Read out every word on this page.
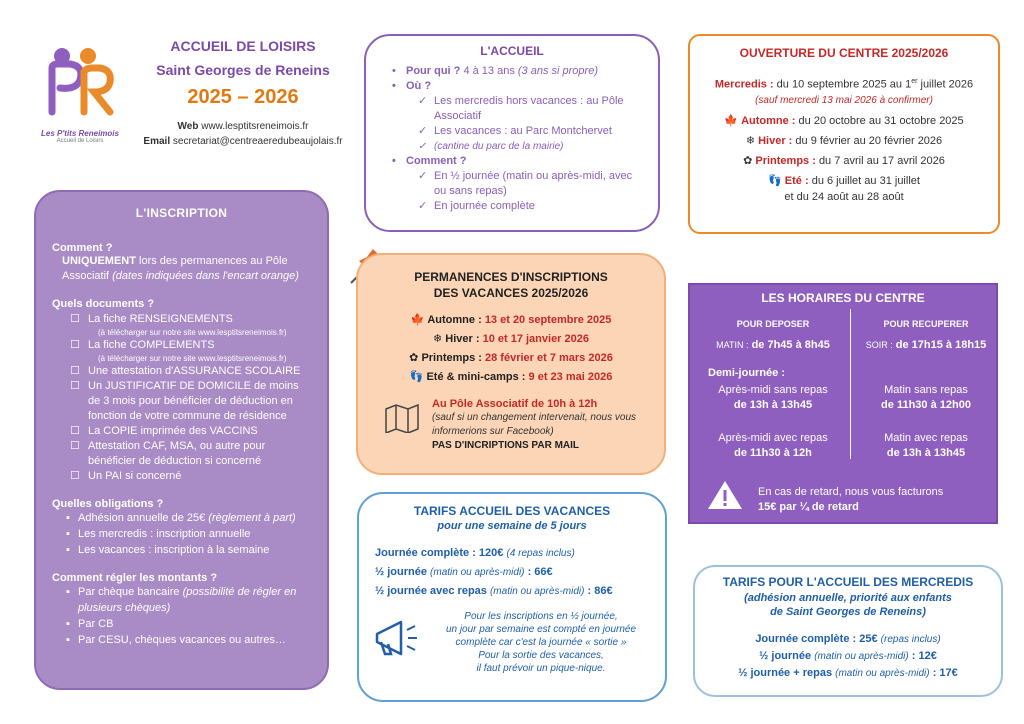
Les P'tits Reneimois
Accueil de Loisirs
ACCUEIL DE LOISIRS
Saint Georges de Reneins
2025 – 2026
Web www.lesptitsreneimois.fr
Email secretariat@centreaeredubeaujolais.fr
L'INSCRIPTION
Comment ?
UNIQUEMENT lors des permanences au Pôle Associatif (dates indiquées dans l'encart orange)
Quels documents ?
☐ La fiche RENSEIGNEMENTS
(à télécharger sur notre site www.lesptitsreneimois.fr)
☐ La fiche COMPLEMENTS
(à télécharger sur notre site www.lesptitsreneimois.fr)
☐ Une attestation d'ASSURANCE SCOLAIRE
☐ Un JUSTIFICATIF DE DOMICILE de moins de 3 mois pour bénéficier de déduction en fonction de votre commune de résidence
☐ La COPIE imprimée des VACCINS
☐ Attestation CAF, MSA, ou autre pour bénéficier de déduction si concerné
☐ Un PAI si concerné
Quelles obligations ?
▪ Adhésion annuelle de 25€ (règlement à part)
▪ Les mercredis : inscription annuelle
▪ Les vacances : inscription à la semaine
Comment régler les montants ?
▪ Par chèque bancaire (possibilité de régler en plusieurs chèques)
▪ Par CB
▪ Par CESU, chèques vacances ou autres…
L'ACCUEIL
• Pour qui ? 4 à 13 ans (3 ans si propre)
• Où ?
✓ Les mercredis hors vacances : au Pôle Associatif
✓ Les vacances : au Parc Montchervet
✓ (cantine du parc de la mairie)
• Comment ?
✓ En ½ journée (matin ou après-midi, avec ou sans repas)
✓ En journée complète
OUVERTURE DU CENTRE 2025/2026
Mercredis : du 10 septembre 2025 au 1er juillet 2026
(sauf mercredi 13 mai 2026 à confirmer)
🍁 Automne : du 20 octobre au 31 octobre 2025
❄ Hiver : du 9 février au 20 février 2026
✿ Printemps : du 7 avril au 17 avril 2026
👣 Eté : du 6 juillet au 31 juillet
et du 24 août au 28 août
PERMANENCES D'INSCRIPTIONS
DES VACANCES 2025/2026
🍁 Automne : 13 et 20 septembre 2025
❄ Hiver : 10 et 17 janvier 2026
✿ Printemps : 28 février et 7 mars 2026
👣 Eté & mini-camps : 9 et 23 mai 2026
Au Pôle Associatif de 10h à 12h
(sauf si un changement intervenait, nous vous informerions sur Facebook)
PAS D'INCRIPTIONS PAR MAIL
LES HORAIRES DU CENTRE
POUR DEPOSER
MATIN : de 7h45 à 8h45
POUR RECUPERER
SOIR : de 17h15 à 18h15
Demi-journée :
Après-midi sans repas
de 13h à 13h45
Matin sans repas
de 11h30 à 12h00
Après-midi avec repas
de 11h30 à 12h
Matin avec repas
de 13h à 13h45
En cas de retard, nous vous facturons
15€ par ¼ de retard
TARIFS ACCUEIL DES VACANCES
pour une semaine de 5 jours
Journée complète : 120€ (4 repas inclus)
½ journée (matin ou après-midi) : 66€
½ journée avec repas (matin ou après-midi) : 86€
Pour les inscriptions en ½ journée,
un jour par semaine est compté en journée
complète car c'est la journée « sortie »
Pour la sortie des vacances,
il faut prévoir un pique-nique.
TARIFS POUR L'ACCUEIL DES MERCREDIS
(adhésion annuelle, priorité aux enfants
de Saint Georges de Reneins)
Journée complète : 25€ (repas inclus)
½ journée (matin ou après-midi) : 12€
½ journée + repas (matin ou après-midi) : 17€
